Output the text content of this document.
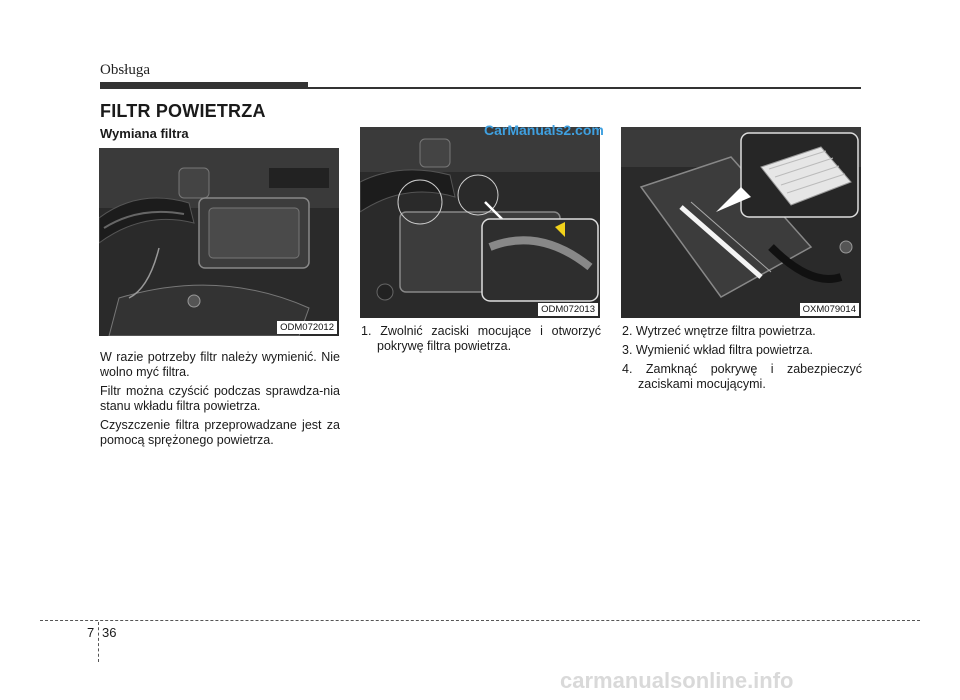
Obsługa
FILTR POWIETRZA
Wymiana filtra
ODM072012
ODM072013
CarManuals2.com
OXM079014

W razie potrzeby filtr należy wymienić. Nie wolno myć filtra.

Filtr można czyścić podczas sprawdza-nia stanu wkładu filtra powietrza.

Czyszczenie filtra przeprowadzane jest za pomocą sprężonego powietrza.

1. Zwolnić zaciski mocujące i otworzyć pokrywę filtra powietrza.

2. Wytrzeć wnętrze filtra powietrza.

3. Wymienić wkład filtra powietrza.

4. Zamknąć pokrywę i zabezpieczyć zaciskami mocującymi.

7 36
carmanualsonline.info
